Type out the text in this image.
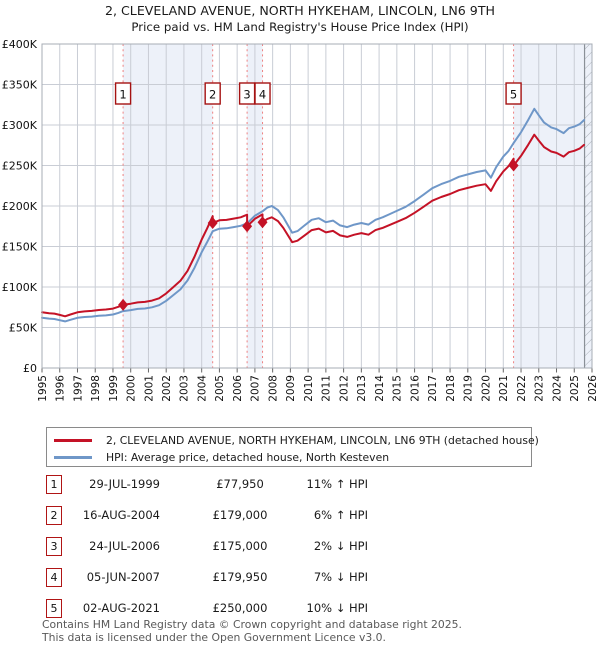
1995 1996 1997 1998 1999 2000 2001 2002 2003 2004 2005 2006 2007 2008 2009 2010 2011 2012 2013 2014 2015 2016 2017 2018 2019 2020 2021 2022 2023 2024 2025 2026
£0
£50K
£100K
£150K
£200K
£250K
£300K
£350K
£400K
1	2 3 4	5
2, CLEVELAND AVENUE, NORTH HYKEHAM, LINCOLN, LN6 9TH
Price paid vs. HM Land Registry's House Price Index (HPI)
2, CLEVELAND AVENUE, NORTH HYKEHAM, LINCOLN, LN6 9TH (detached house)
HPI: Average price, detached house, North Kesteven
1	29-JUL-1999	£77,950	11% ↑ HPI
2	16-AUG-2004	£179,000	6% ↑ HPI
3	24-JUL-2006	£175,000	2% ↓ HPI
4	05-JUN-2007	£179,950	7% ↓ HPI
5	02-AUG-2021	£250,000	10% ↓ HPI
Contains HM Land Registry data © Crown copyright and database right 2025.
This data is licensed under the Open Government Licence v3.0.
